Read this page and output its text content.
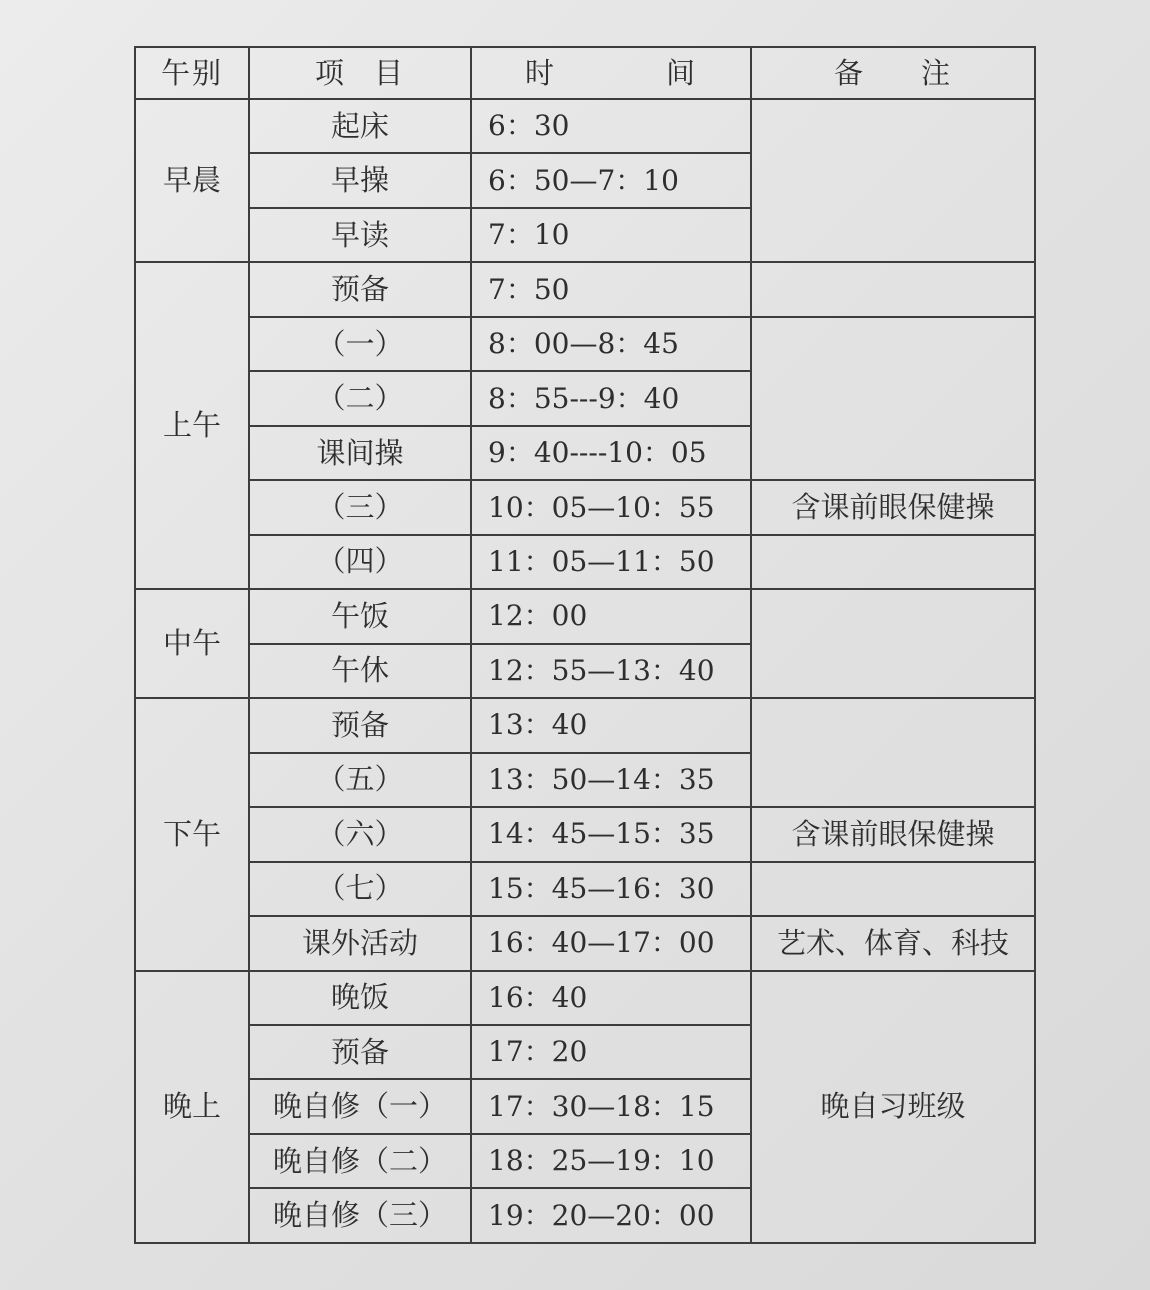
午别	项 目	时 间	备 注
早晨	起床	6：30	
	早操	6：50—7：10	
	早读	7：10	
上午	预备	7：50	
	（一）	8：00—8：45	
	（二）	8：55---9：40	
	课间操	9：40----10：05	
	（三）	10：05—10：55	含课前眼保健操
	（四）	11：05—11：50	
中午	午饭	12：00	
	午休	12：55—13：40	
下午	预备	13：40	
	（五）	13：50—14：35	
	（六）	14：45—15：35	含课前眼保健操
	（七）	15：45—16：30	
	课外活动	16：40—17：00	艺术、体育、科技
晚上	晚饭	16：40	晚自习班级
	预备	17：20	
	晚自修（一）	17：30—18：15	
	晚自修（二）	18：25—19：10	
	晚自修（三）	19：20—20：00	
